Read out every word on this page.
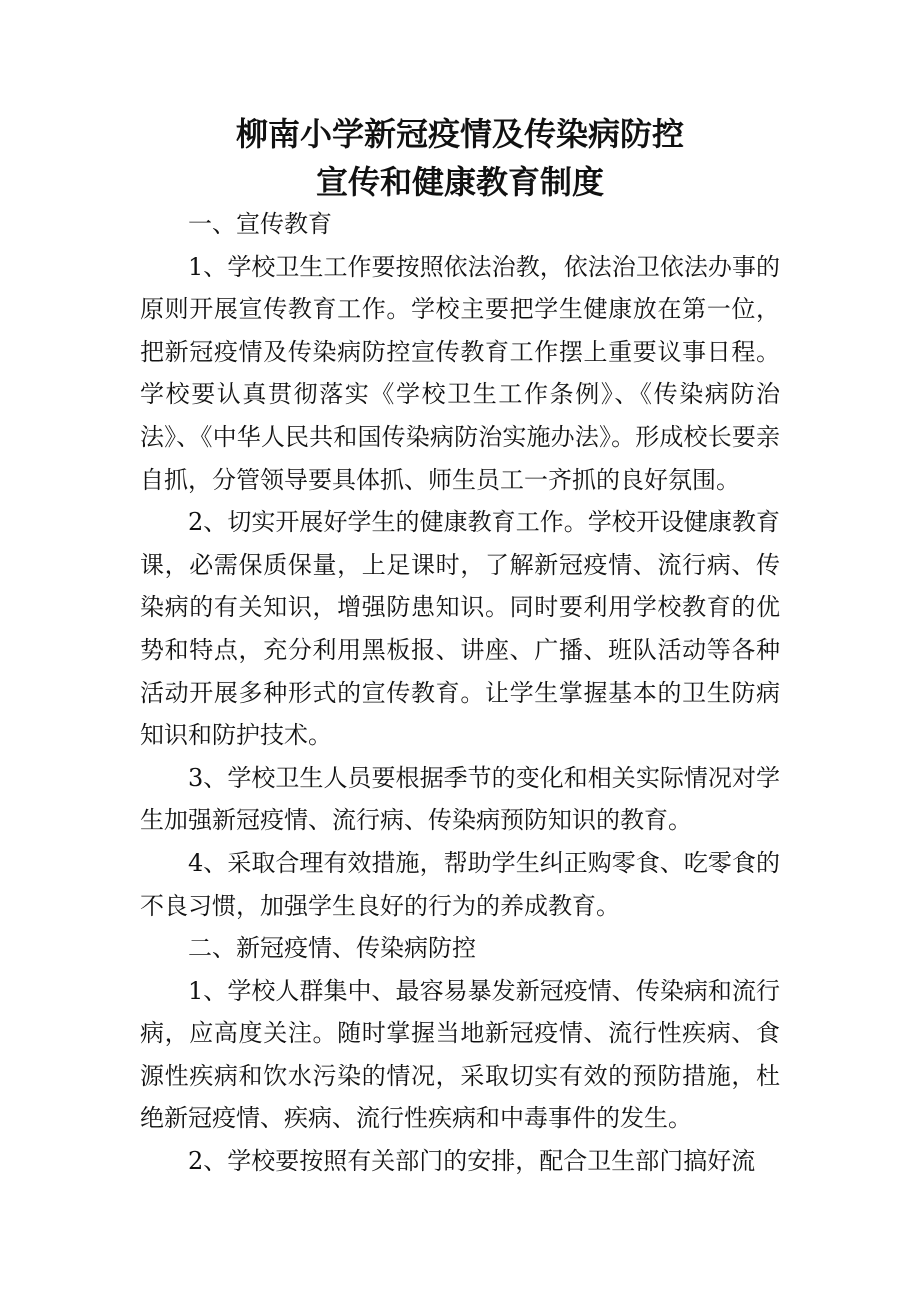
柳南小学新冠疫情及传染病防控
宣传和健康教育制度

一、宣传教育

1、学校卫生工作要按照依法治教，依法治卫依法办事的原则开展宣传教育工作。学校主要把学生健康放在第一位，把新冠疫情及传染病防控宣传教育工作摆上重要议事日程。学校要认真贯彻落实《学校卫生工作条例》、《传染病防治法》、《中华人民共和国传染病防治实施办法》。形成校长要亲自抓，分管领导要具体抓、师生员工一齐抓的良好氛围。

2、切实开展好学生的健康教育工作。学校开设健康教育课，必需保质保量，上足课时，了解新冠疫情、流行病、传染病的有关知识，增强防患知识。同时要利用学校教育的优势和特点，充分利用黑板报、讲座、广播、班队活动等各种活动开展多种形式的宣传教育。让学生掌握基本的卫生防病知识和防护技术。

3、学校卫生人员要根据季节的变化和相关实际情况对学生加强新冠疫情、流行病、传染病预防知识的教育。

4、采取合理有效措施，帮助学生纠正购零食、吃零食的不良习惯，加强学生良好的行为的养成教育。

二、新冠疫情、传染病防控

1、学校人群集中、最容易暴发新冠疫情、传染病和流行病，应高度关注。随时掌握当地新冠疫情、流行性疾病、食源性疾病和饮水污染的情况，采取切实有效的预防措施，杜绝新冠疫情、疾病、流行性疾病和中毒事件的发生。

2、学校要按照有关部门的安排，配合卫生部门搞好流
